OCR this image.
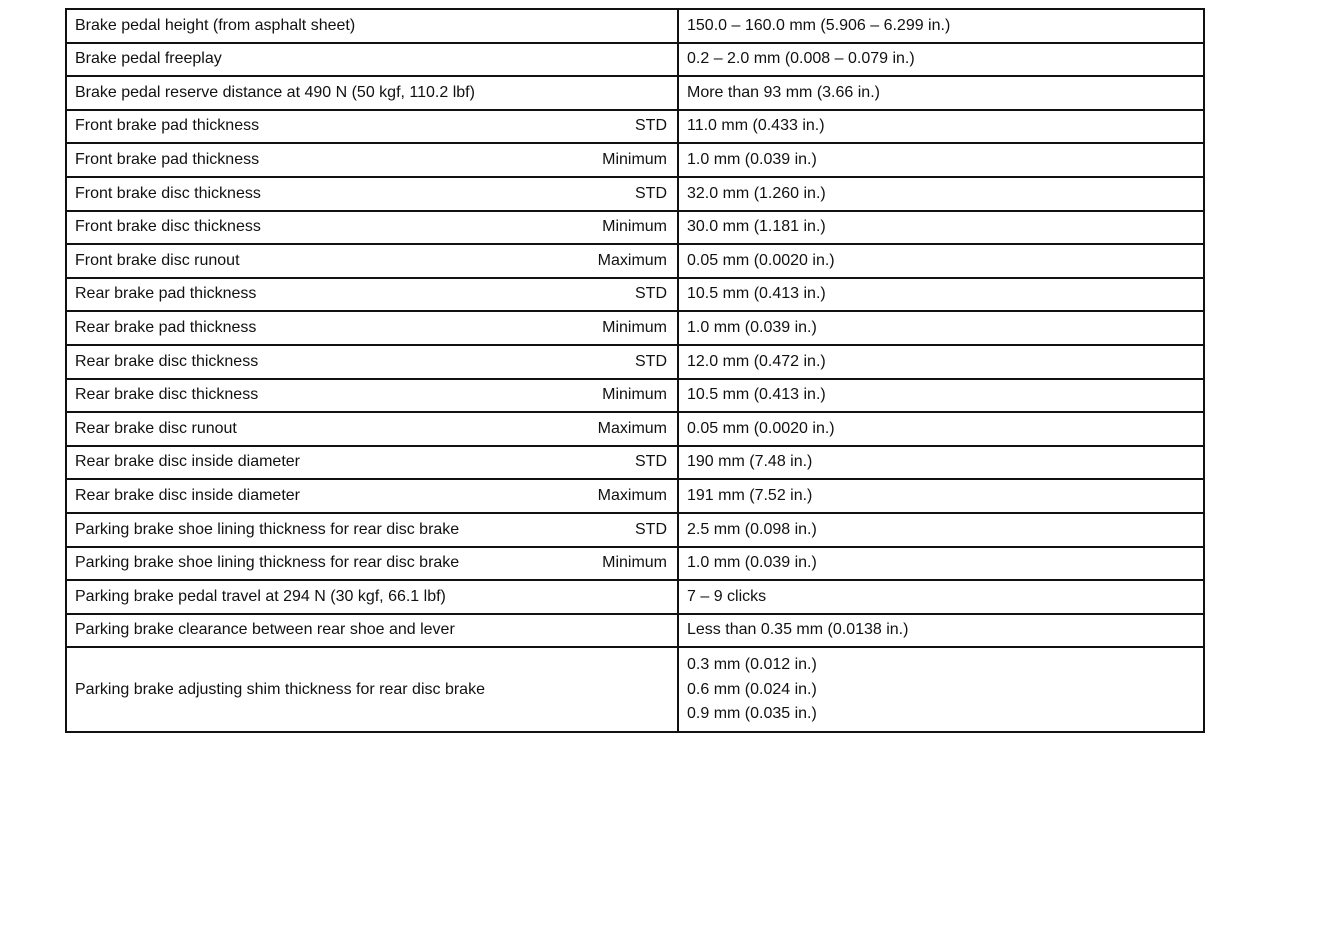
Brake pedal height (from asphalt sheet)	150.0 – 160.0 mm (5.906 – 6.299 in.)

Brake pedal freeplay	0.2 – 2.0 mm (0.008 – 0.079 in.)

Brake pedal reserve distance at 490 N (50 kgf, 110.2 lbf)	More than 93 mm (3.66 in.)

Front brake pad thickness STD	11.0 mm (0.433 in.)

Front brake pad thickness Minimum	1.0 mm (0.039 in.)

Front brake disc thickness STD	32.0 mm (1.260 in.)

Front brake disc thickness Minimum	30.0 mm (1.181 in.)

Front brake disc runout Maximum	0.05 mm (0.0020 in.)

Rear brake pad thickness STD	10.5 mm (0.413 in.)

Rear brake pad thickness Minimum	1.0 mm (0.039 in.)

Rear brake disc thickness STD	12.0 mm (0.472 in.)

Rear brake disc thickness Minimum	10.5 mm (0.413 in.)

Rear brake disc runout Maximum	0.05 mm (0.0020 in.)

Rear brake disc inside diameter STD	190 mm (7.48 in.)

Rear brake disc inside diameter Maximum	191 mm (7.52 in.)

Parking brake shoe lining thickness for rear disc brake STD	2.5 mm (0.098 in.)

Parking brake shoe lining thickness for rear disc brake Minimum	1.0 mm (0.039 in.)

Parking brake pedal travel at 294 N (30 kgf, 66.1 lbf)	7 – 9 clicks

Parking brake clearance between rear shoe and lever	Less than 0.35 mm (0.0138 in.)

Parking brake adjusting shim thickness for rear disc brake	0.3 mm (0.012 in.)
0.6 mm (0.024 in.)
0.9 mm (0.035 in.)
